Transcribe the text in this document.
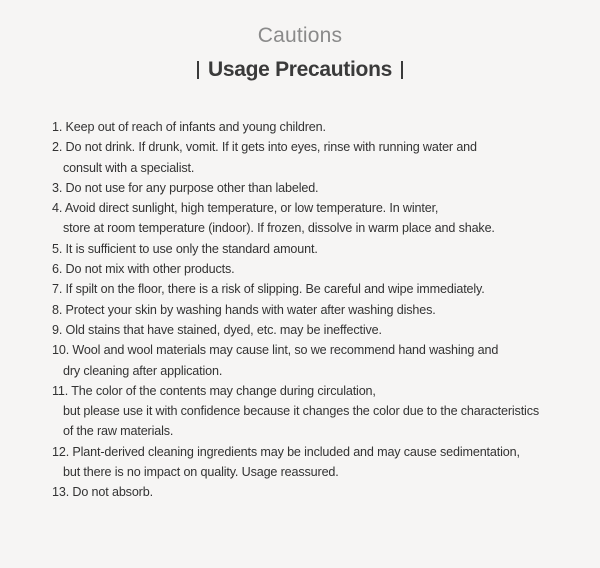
Cautions
Usage Precautions
1. Keep out of reach of infants and young children.
2. Do not drink. If drunk, vomit. If it gets into eyes, rinse with running water and
consult with a specialist.
3. Do not use for any purpose other than labeled.
4. Avoid direct sunlight, high temperature, or low temperature. In winter,
store at room temperature (indoor). If frozen, dissolve in warm place and shake.
5. It is sufficient to use only the standard amount.
6. Do not mix with other products.
7. If spilt on the floor, there is a risk of slipping. Be careful and wipe immediately.
8. Protect your skin by washing hands with water after washing dishes.
9. Old stains that have stained, dyed, etc. may be ineffective.
10. Wool and wool materials may cause lint, so we recommend hand washing and
dry cleaning after application.
11. The color of the contents may change during circulation,
but please use it with confidence because it changes the color due to the characteristics
of the raw materials.
12. Plant-derived cleaning ingredients may be included and may cause sedimentation,
but there is no impact on quality. Usage reassured.
13. Do not absorb.
